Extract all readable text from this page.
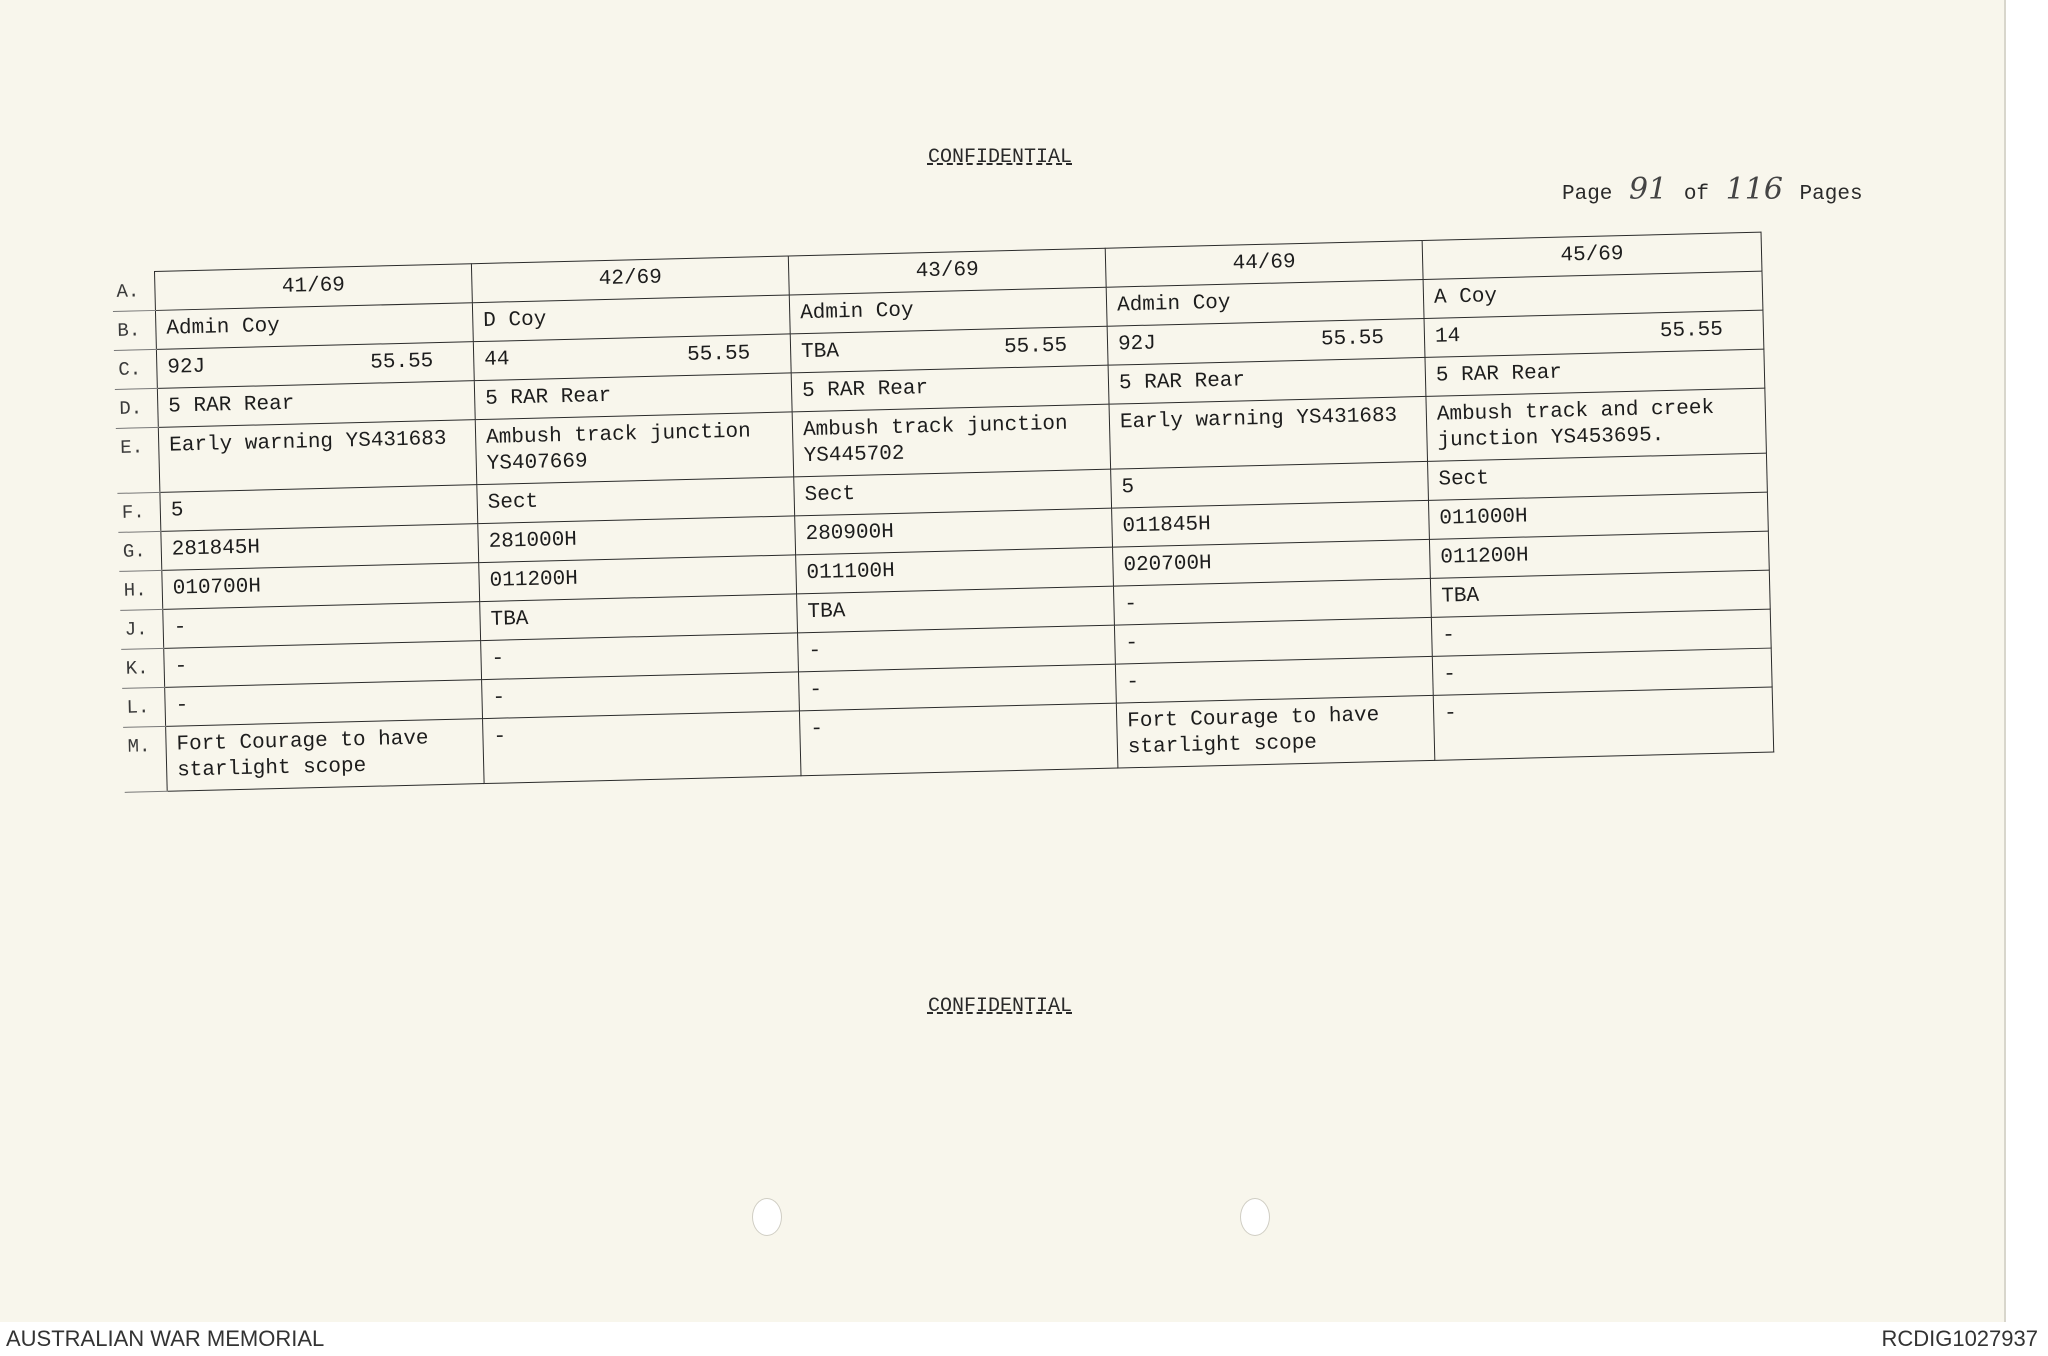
CONFIDENTIAL
Page 91 of 116 Pages
A.	41/69	42/69	43/69	44/69	45/69
B.	Admin Coy	D Coy	Admin Coy	Admin Coy	A Coy
C.	92J 55.55	44 55.55	TBA 55.55	92J 55.55	14 55.55

D.	5 RAR Rear	5 RAR Rear	5 RAR Rear	5 RAR Rear	5 RAR Rear
E.	Early warning YS431683	Ambush track junction YS407669	Ambush track junction YS445702	Early warning YS431683	Ambush track and creek junction YS453695.
F.	5	Sect	Sect	5	Sect
G.	281845H	281000H	280900H	011845H	011000H
H.	010700H	011200H	011100H	020700H	011200H
J.	-	TBA	TBA	-	TBA
K.	-	-	-	-	-
L.	-	-	-	-	-
M.	Fort Courage to have starlight scope	-	-	Fort Courage to have starlight scope	-
CONFIDENTIAL
AUSTRALIAN WAR MEMORIAL	RCDIG1027937
